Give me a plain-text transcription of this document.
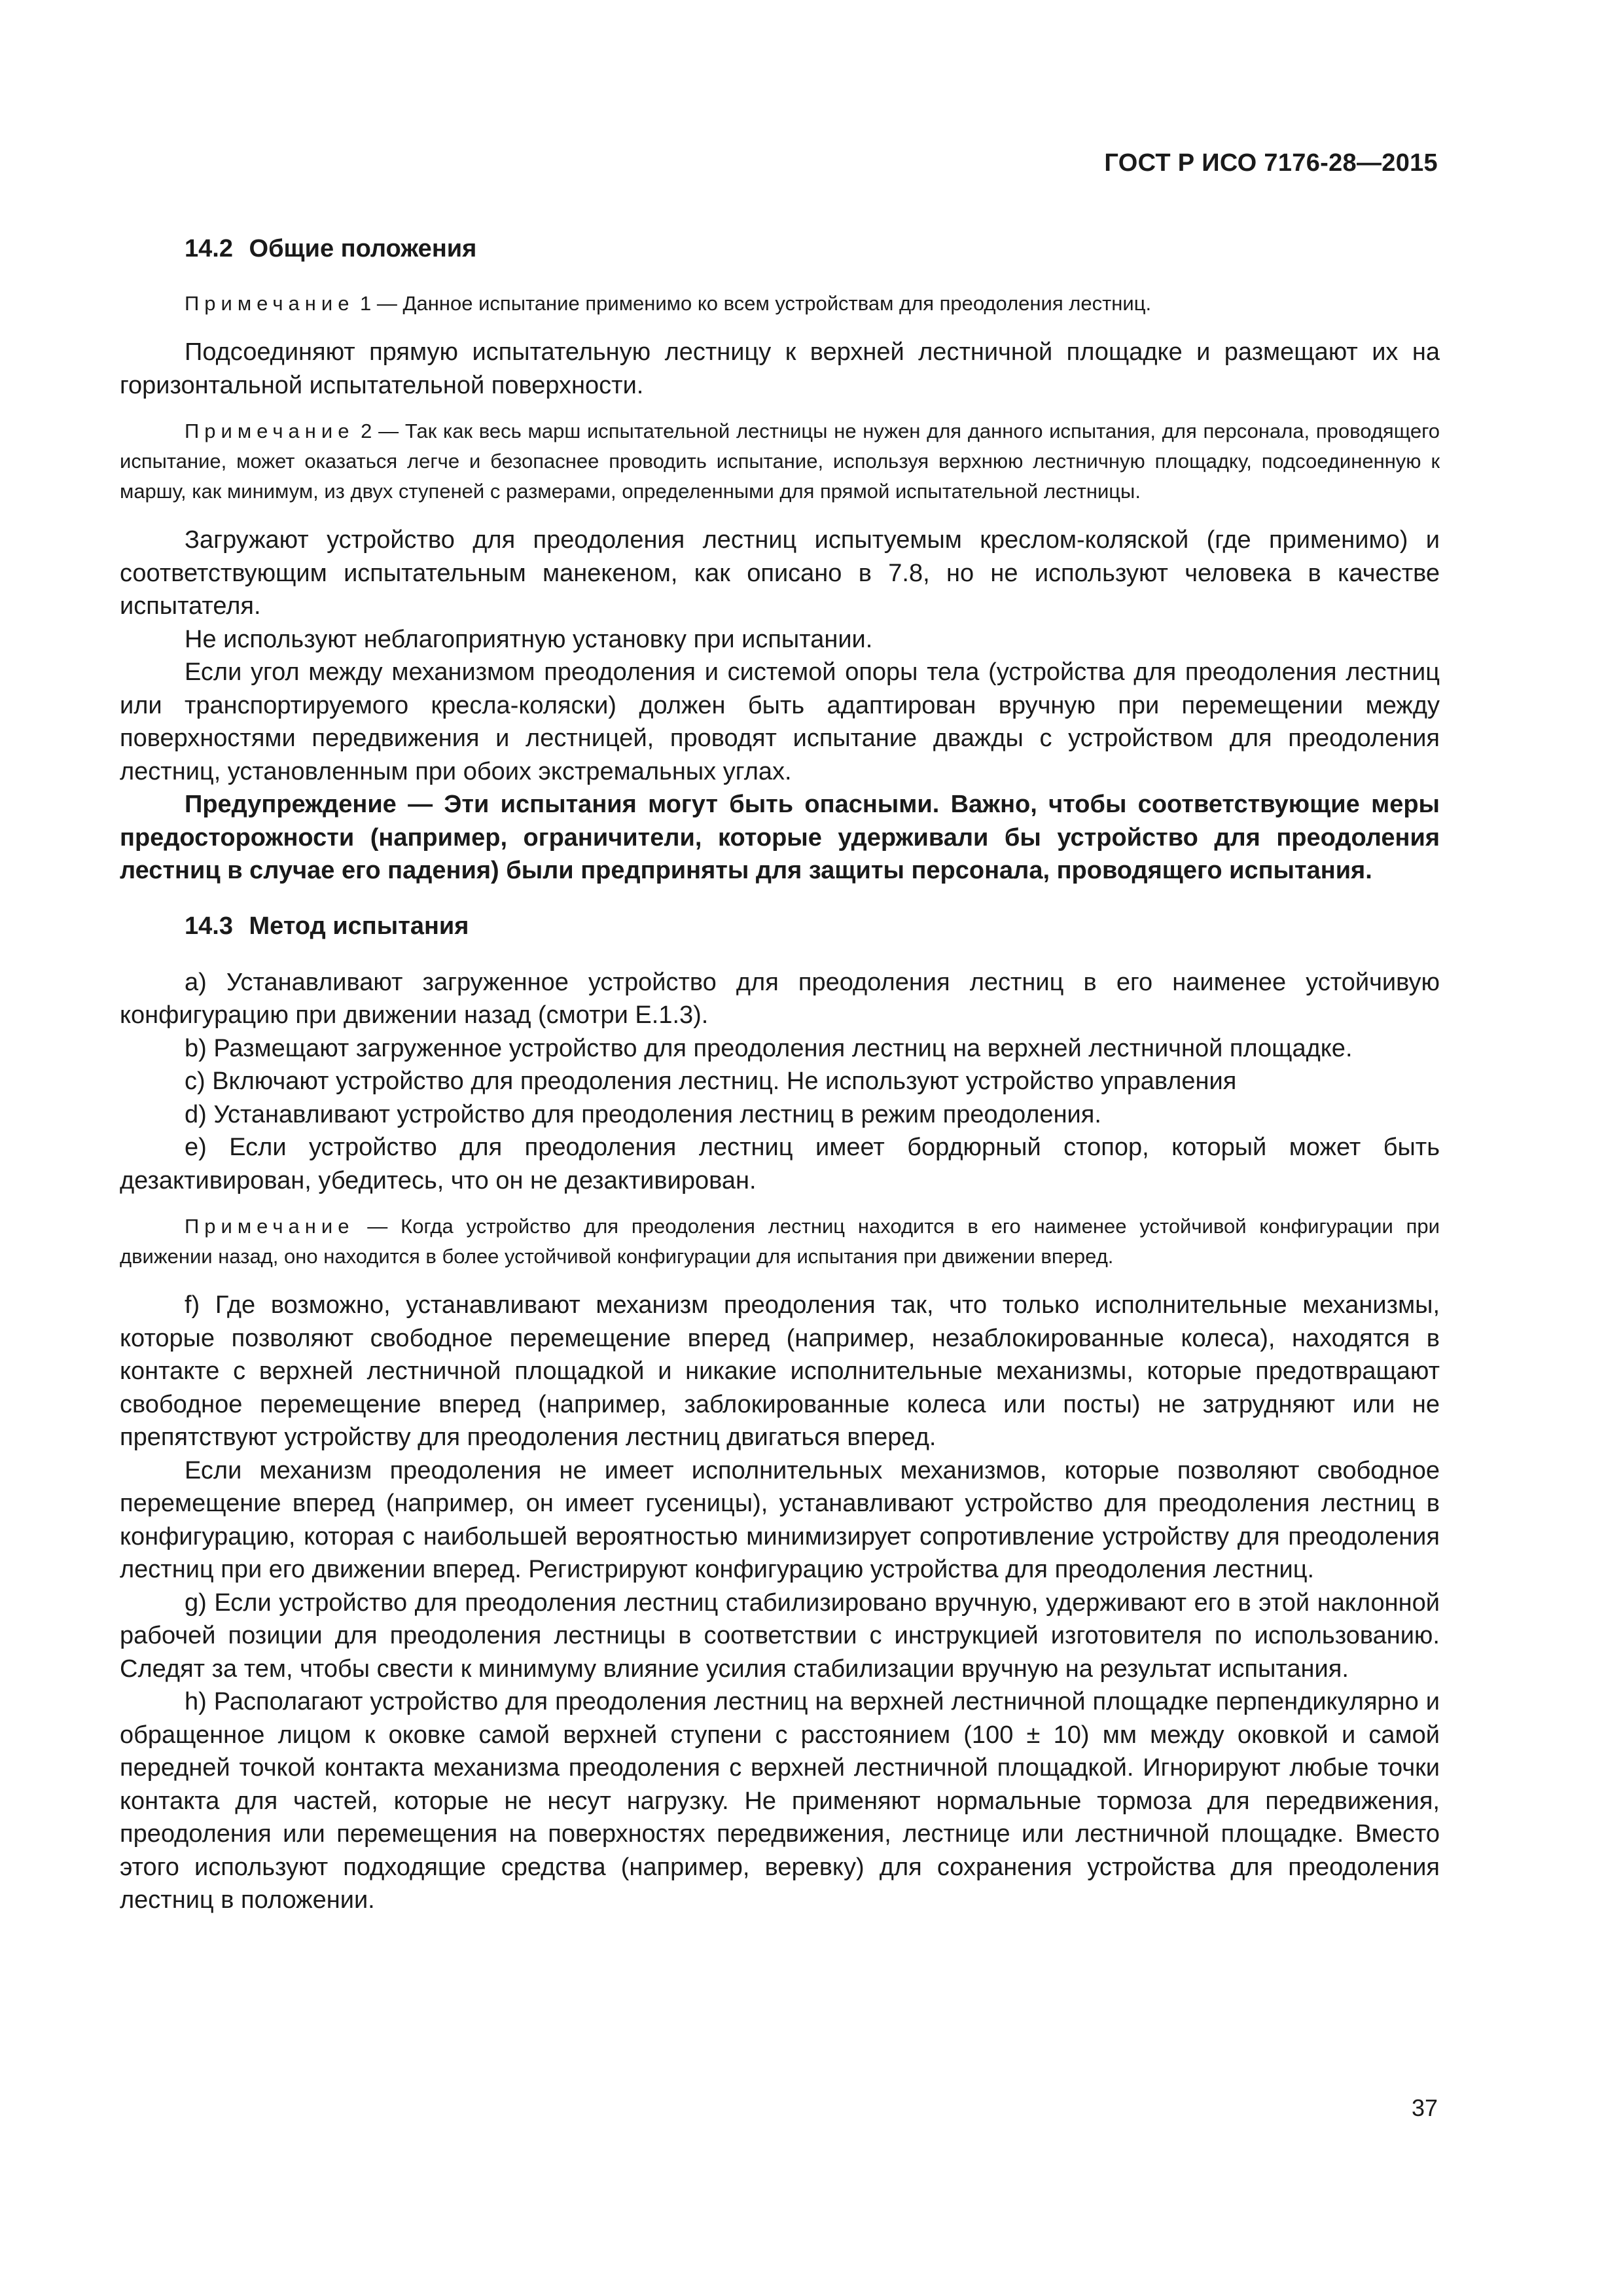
ГОСТ Р ИСО 7176-28—2015
14.2 Общие положения
Примечание 1 — Данное испытание применимо ко всем устройствам для преодоления лестниц.

Подсоединяют прямую испытательную лестницу к верхней лестничной площадке и размещают их на горизонтальной испытательной поверхности.

Примечание 2 — Так как весь марш испытательной лестницы не нужен для данного испытания, для персонала, проводящего испытание, может оказаться легче и безопаснее проводить испытание, используя верхнюю лестничную площадку, подсоединенную к маршу, как минимум, из двух ступеней с размерами, определенными для прямой испытательной лестницы.

Загружают устройство для преодоления лестниц испытуемым креслом-коляской (где применимо) и соответствующим испытательным манекеном, как описано в 7.8, но не используют человека в качестве испытателя.

Не используют неблагоприятную установку при испытании.

Если угол между механизмом преодоления и системой опоры тела (устройства для преодоления лестниц или транспортируемого кресла-коляски) должен быть адаптирован вручную при перемещении между поверхностями передвижения и лестницей, проводят испытание дважды с устройством для преодоления лестниц, установленным при обоих экстремальных углах.

Предупреждение — Эти испытания могут быть опасными. Важно, чтобы соответствующие меры предосторожности (например, ограничители, которые удерживали бы устройство для преодоления лестниц в случае его падения) были предприняты для защиты персонала, проводящего испытания.

14.3 Метод испытания

a) Устанавливают загруженное устройство для преодоления лестниц в его наименее устойчивую конфигурацию при движении назад (смотри Е.1.3).

b) Размещают загруженное устройство для преодоления лестниц на верхней лестничной площадке.

c) Включают устройство для преодоления лестниц. Не используют устройство управления

d) Устанавливают устройство для преодоления лестниц в режим преодоления.

e) Если устройство для преодоления лестниц имеет бордюрный стопор, который может быть дезактивирован, убедитесь, что он не дезактивирован.

Примечание — Когда устройство для преодоления лестниц находится в его наименее устойчивой конфигурации при движении назад, оно находится в более устойчивой конфигурации для испытания при движении вперед.

f) Где возможно, устанавливают механизм преодоления так, что только исполнительные механизмы, которые позволяют свободное перемещение вперед (например, незаблокированные колеса), находятся в контакте с верхней лестничной площадкой и никакие исполнительные механизмы, которые предотвращают свободное перемещение вперед (например, заблокированные колеса или посты) не затрудняют или не препятствуют устройству для преодоления лестниц двигаться вперед.

Если механизм преодоления не имеет исполнительных механизмов, которые позволяют свободное перемещение вперед (например, он имеет гусеницы), устанавливают устройство для преодоления лестниц в конфигурацию, которая с наибольшей вероятностью минимизирует сопротивление устройству для преодоления лестниц при его движении вперед. Регистрируют конфигурацию устройства для преодоления лестниц.

g) Если устройство для преодоления лестниц стабилизировано вручную, удерживают его в этой наклонной рабочей позиции для преодоления лестницы в соответствии с инструкцией изготовителя по использованию. Следят за тем, чтобы свести к минимуму влияние усилия стабилизации вручную на результат испытания.

h) Располагают устройство для преодоления лестниц на верхней лестничной площадке перпендикулярно и обращенное лицом к оковке самой верхней ступени с расстоянием (100 ± 10) мм между оковкой и самой передней точкой контакта механизма преодоления с верхней лестничной площадкой. Игнорируют любые точки контакта для частей, которые не несут нагрузку. Не применяют нормальные тормоза для передвижения, преодоления или перемещения на поверхностях передвижения, лестнице или лестничной площадке. Вместо этого используют подходящие средства (например, веревку) для сохранения устройства для преодоления лестниц в положении.

37
